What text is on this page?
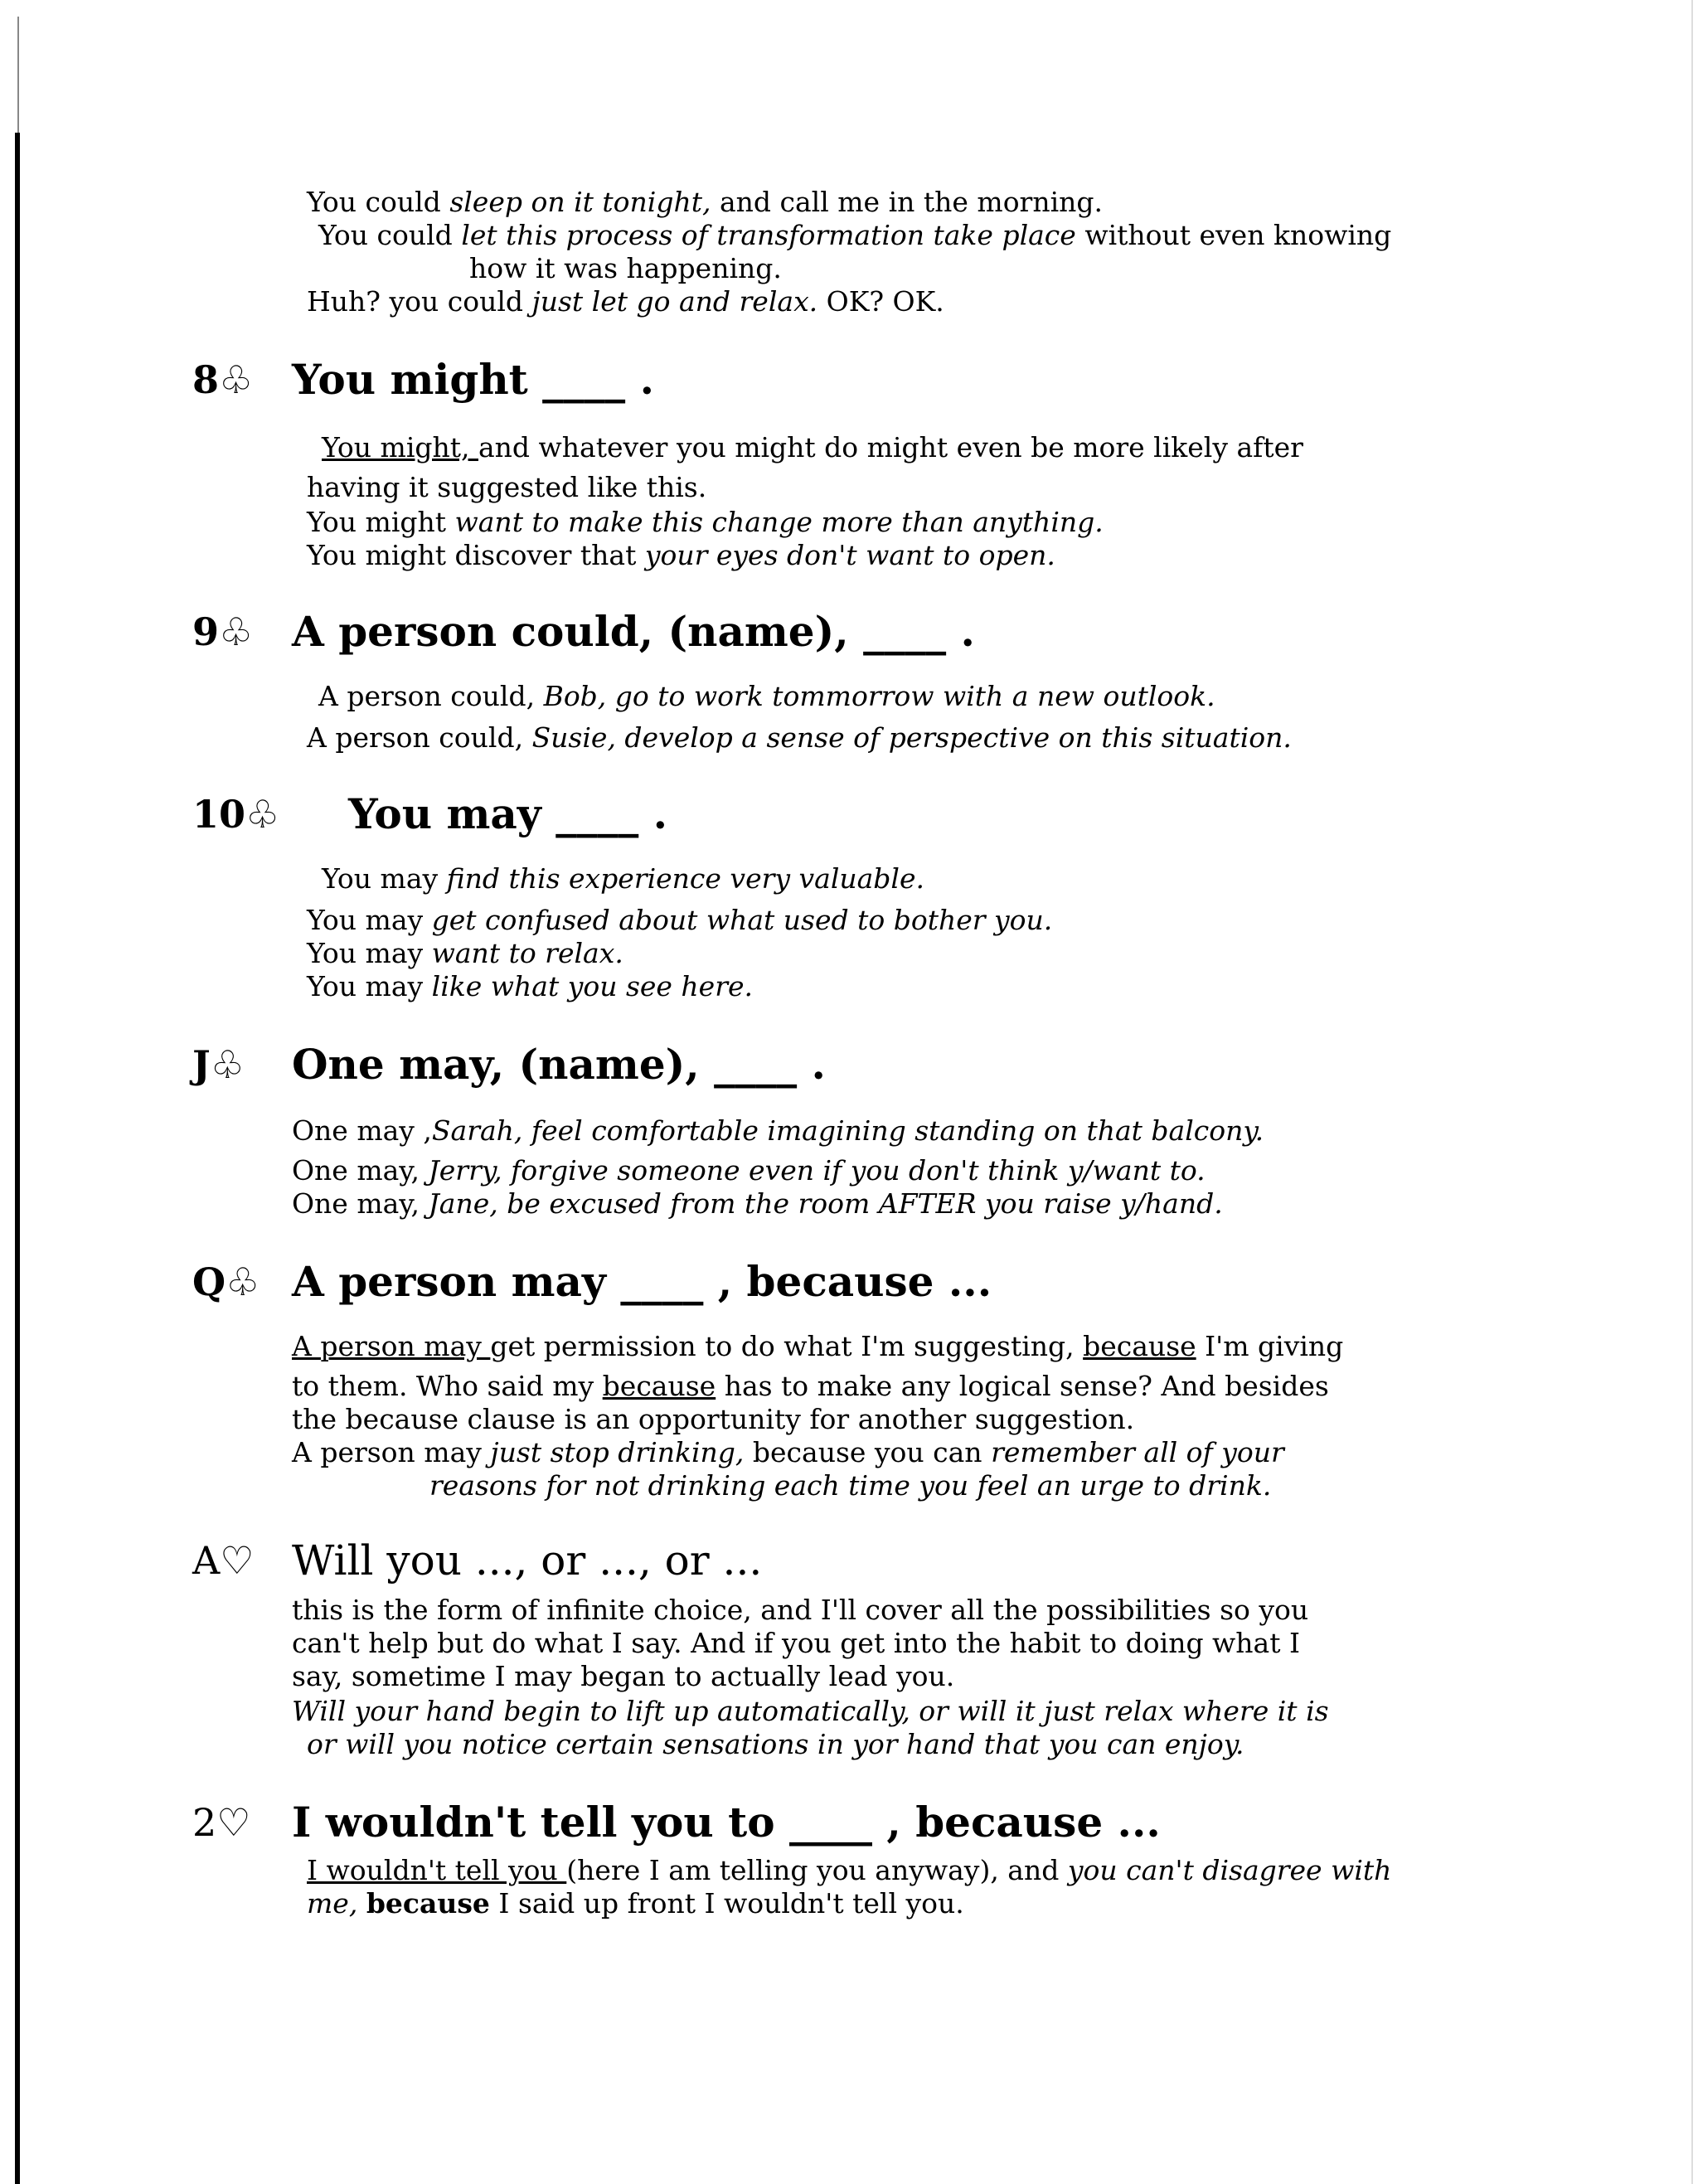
You could sleep on it tonight, and call me in the morning.
You could let this process of transformation take place without even knowing
how it was happening.
Huh? you could just let go and relax. OK? OK.
8♧ You might ____ .
You might, and whatever you might do might even be more likely after
having it suggested like this.
You might want to make this change more than anything.
You might discover that your eyes don't want to open.
9♧ A person could, (name), ____ .
A person could, Bob, go to work tommorrow with a new outlook.
A person could, Susie, develop a sense of perspective on this situation.
10♧ You may ____ .
You may find this experience very valuable.
You may get confused about what used to bother you.
You may want to relax.
You may like what you see here.
J♧ One may, (name), ____ .
One may ,Sarah, feel comfortable imagining standing on that balcony.
One may, Jerry, forgive someone even if you don't think y/want to.
One may, Jane, be excused from the room AFTER you raise y/hand.
Q♧ A person may ____ , because ...
A person may get permission to do what I'm suggesting, because I'm giving
to them. Who said my because has to make any logical sense? And besides
the because clause is an opportunity for another suggestion.
A person may just stop drinking, because you can remember all of your
reasons for not drinking each time you feel an urge to drink.
A♡ Will you ..., or ..., or ...
this is the form of infinite choice, and I'll cover all the possibilities so you
can't help but do what I say. And if you get into the habit to doing what I
say, sometime I may began to actually lead you.
Will your hand begin to lift up automatically, or will it just relax where it is
or will you notice certain sensations in yor hand that you can enjoy.
2♡ I wouldn't tell you to ____ , because ...
I wouldn't tell you (here I am telling you anyway), and you can't disagree with
me, because I said up front I wouldn't tell you.
